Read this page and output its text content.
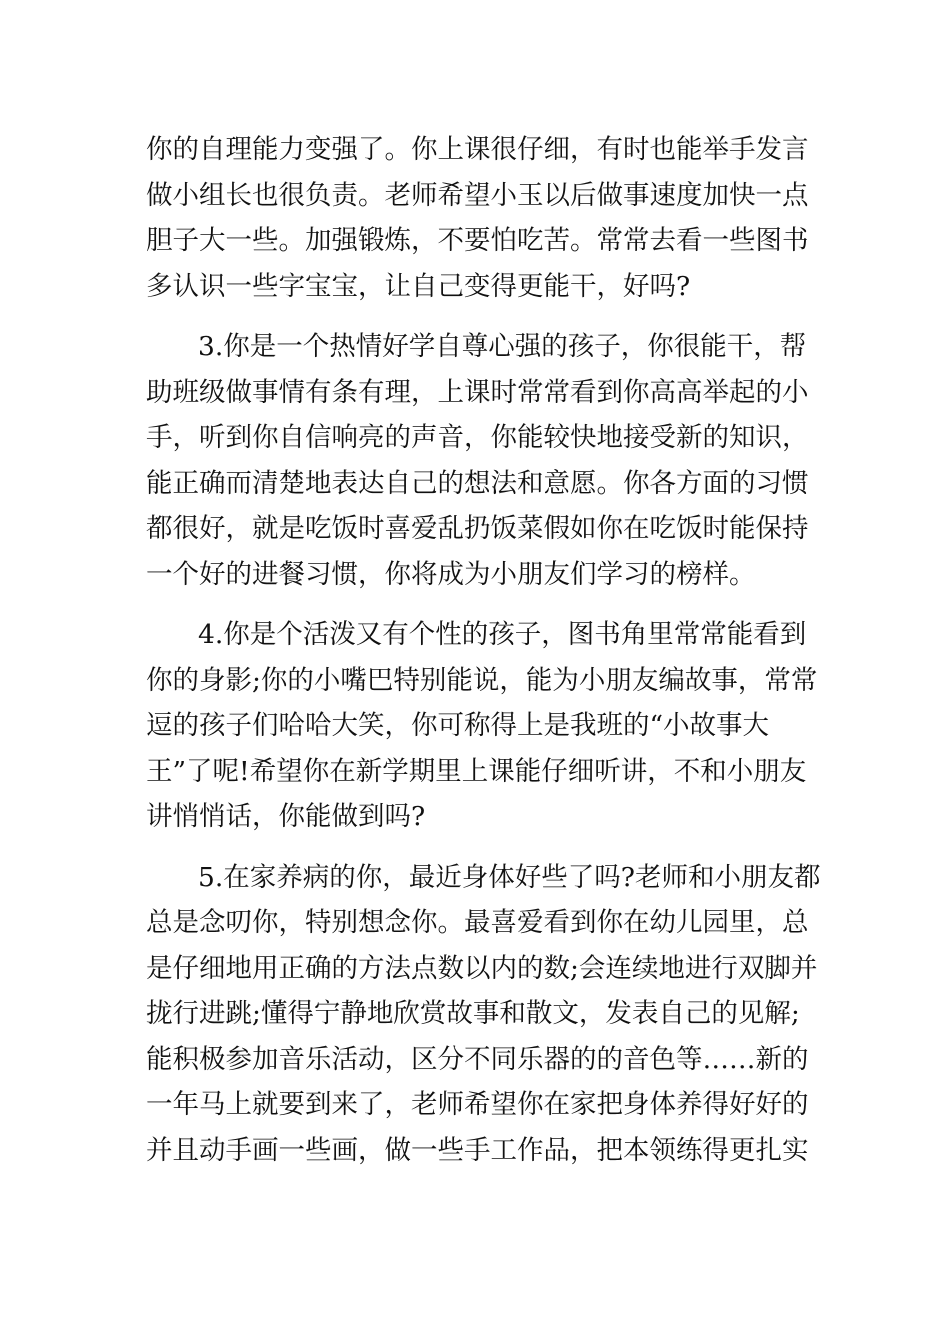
你的自理能力变强了。你上课很仔细，有时也能举手发言
做小组长也很负责。老师希望小玉以后做事速度加快一点
胆子大一些。加强锻炼，不要怕吃苦。常常去看一些图书
多认识一些字宝宝，让自己变得更能干，好吗?
3.你是一个热情好学自尊心强的孩子，你很能干，帮
助班级做事情有条有理，上课时常常看到你高高举起的小
手，听到你自信响亮的声音，你能较快地接受新的知识，
能正确而清楚地表达自己的想法和意愿。你各方面的习惯
都很好，就是吃饭时喜爱乱扔饭菜假如你在吃饭时能保持
一个好的进餐习惯，你将成为小朋友们学习的榜样。
4.你是个活泼又有个性的孩子，图书角里常常能看到
你的身影;你的小嘴巴特别能说，能为小朋友编故事，常常
逗的孩子们哈哈大笑，你可称得上是我班的“小故事大
王”了呢!希望你在新学期里上课能仔细听讲，不和小朋友
讲悄悄话，你能做到吗?
5.在家养病的你，最近身体好些了吗?老师和小朋友都
总是念叨你，特别想念你。最喜爱看到你在幼儿园里，总
是仔细地用正确的方法点数以内的数;会连续地进行双脚并
拢行进跳;懂得宁静地欣赏故事和散文，发表自己的见解;
能积极参加音乐活动，区分不同乐器的的音色等……新的
一年马上就要到来了，老师希望你在家把身体养得好好的
并且动手画一些画，做一些手工作品，把本领练得更扎实
